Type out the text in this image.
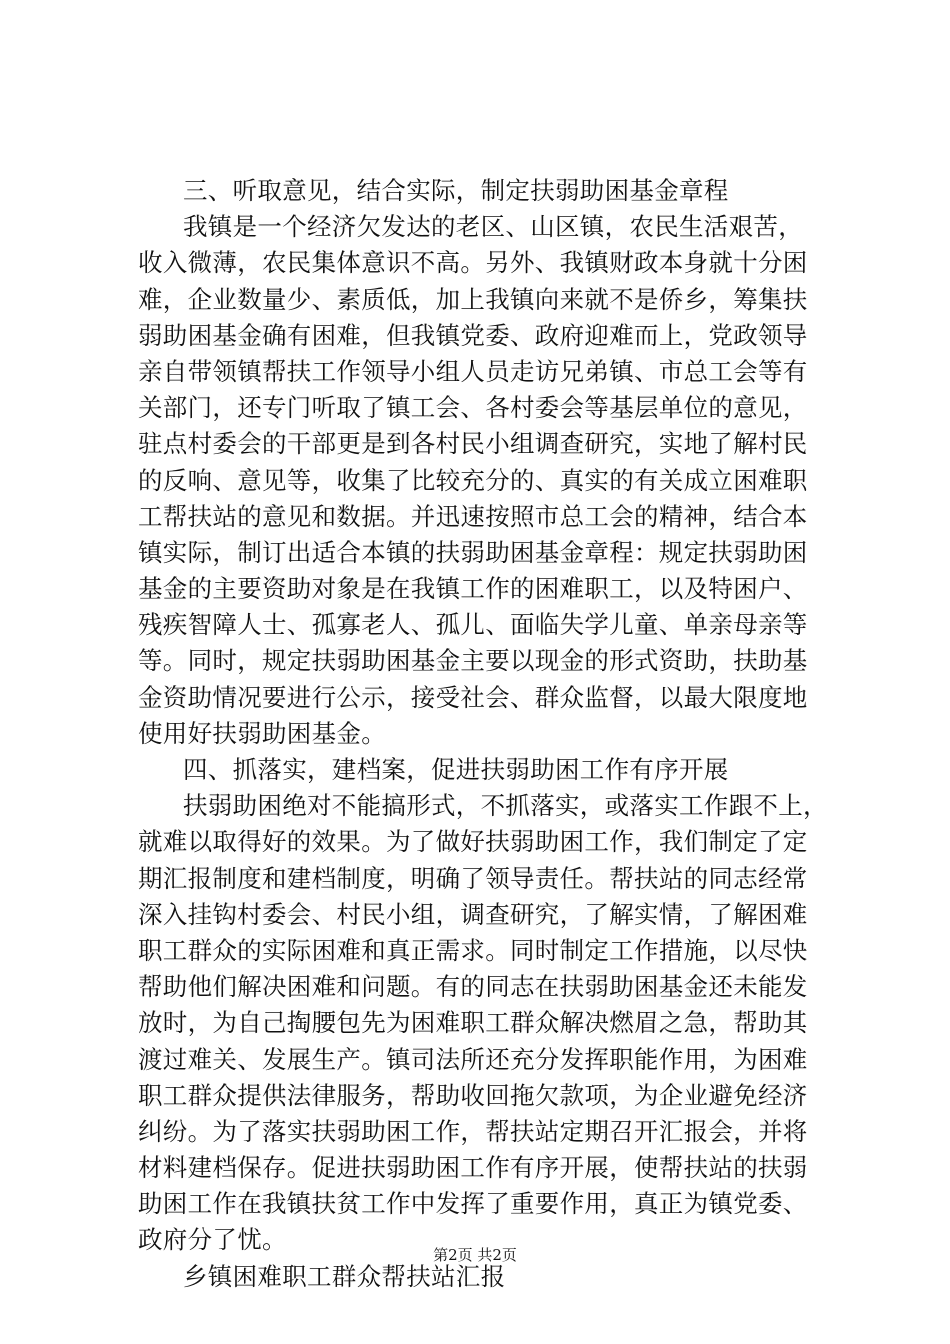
三、听取意见，结合实际，制定扶弱助困基金章程
我镇是一个经济欠发达的老区、山区镇，农民生活艰苦，
收入微薄，农民集体意识不高。另外、我镇财政本身就十分困
难，企业数量少、素质低，加上我镇向来就不是侨乡，筹集扶
弱助困基金确有困难，但我镇党委、政府迎难而上，党政领导
亲自带领镇帮扶工作领导小组人员走访兄弟镇、市总工会等有
关部门，还专门听取了镇工会、各村委会等基层单位的意见，
驻点村委会的干部更是到各村民小组调查研究，实地了解村民
的反响、意见等，收集了比较充分的、真实的有关成立困难职
工帮扶站的意见和数据。并迅速按照市总工会的精神，结合本
镇实际，制订出适合本镇的扶弱助困基金章程：规定扶弱助困
基金的主要资助对象是在我镇工作的困难职工，以及特困户、
残疾智障人士、孤寡老人、孤儿、面临失学儿童、单亲母亲等
等。同时，规定扶弱助困基金主要以现金的形式资助，扶助基
金资助情况要进行公示，接受社会、群众监督，以最大限度地
使用好扶弱助困基金。
四、抓落实，建档案，促进扶弱助困工作有序开展
扶弱助困绝对不能搞形式，不抓落实，或落实工作跟不上，
就难以取得好的效果。为了做好扶弱助困工作，我们制定了定
期汇报制度和建档制度，明确了领导责任。帮扶站的同志经常
深入挂钩村委会、村民小组，调查研究，了解实情，了解困难
职工群众的实际困难和真正需求。同时制定工作措施，以尽快
帮助他们解决困难和问题。有的同志在扶弱助困基金还未能发
放时，为自己掏腰包先为困难职工群众解决燃眉之急，帮助其
渡过难关、发展生产。镇司法所还充分发挥职能作用，为困难
职工群众提供法律服务，帮助收回拖欠款项，为企业避免经济
纠纷。为了落实扶弱助困工作，帮扶站定期召开汇报会，并将
材料建档保存。促进扶弱助困工作有序开展，使帮扶站的扶弱
助困工作在我镇扶贫工作中发挥了重要作用，真正为镇党委、
政府分了忧。
乡镇困难职工群众帮扶站汇报
第2页 共2页
